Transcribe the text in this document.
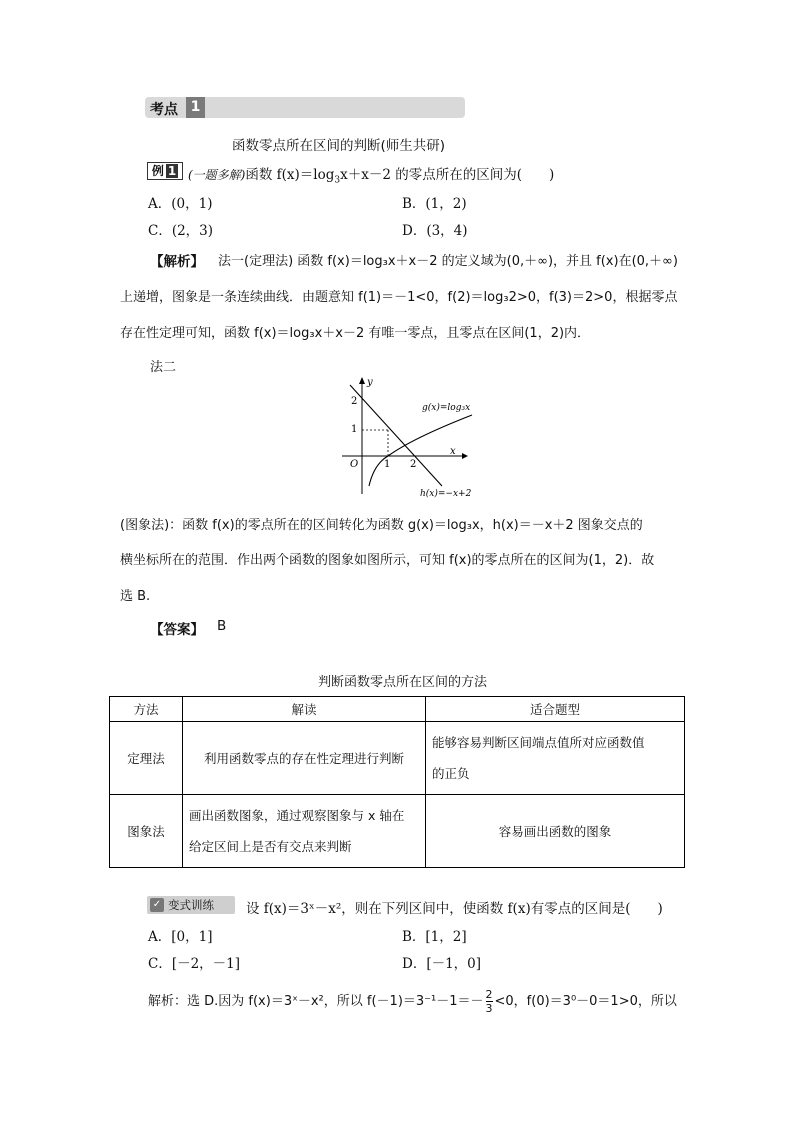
考点 1
函数零点所在区间的判断(师生共研)
例 1 (一题多解)函数 $f(x)=\log_3x+x-2$ 的零点所在的区间为(　　)
A．(0，1)	B．(1，2)
C．(2，3)	D．(3，4)
【解析】 法一(定理法) 函数 f(x)＝log₃x＋x－2 的定义域为(0,＋∞)，并且 f(x)在(0,＋∞)
上递增，图象是一条连续曲线．由题意知 f(1)＝－1<0，f(2)＝log₃2>0，f(3)＝2>0，根据零点
存在性定理可知，函数 f(x)＝log₃x＋x－2 有唯一零点，且零点在区间(1，2)内．
法二
y
x
O
2
1
1 2
g(x)=log₃x
h(x)=−x+2
(图象法)：函数 f(x)的零点所在的区间转化为函数 g(x)＝log₃x，h(x)＝－x＋2 图象交点的
横坐标所在的范围．作出两个函数的图象如图所示，可知 f(x)的零点所在的区间为(1，2)．故
选 B.
【答案】 B
判断函数零点所在区间的方法
方法	解读	适合题型
定理法	利用函数零点的存在性定理进行判断	能够容易判断区间端点值所对应函数值
的正负

图象法	画出函数图象，通过观察图象与 x 轴在
给定区间上是否有交点来判断	容易画出函数的图象
✓ 变式训练	设 f(x)＝3ˣ－x²，则在下列区间中，使函数 f(x)有零点的区间是(　　)
A．[0，1]	B．[1，2]
C．[－2，－1]	D．[－1，0]
解析：选 D.因为 f(x)＝3ˣ－x²，所以 $f(-1)=3^{-1}-1=- \frac{2}{3} <0$，f(0)＝3⁰－0＝1>0，所以
